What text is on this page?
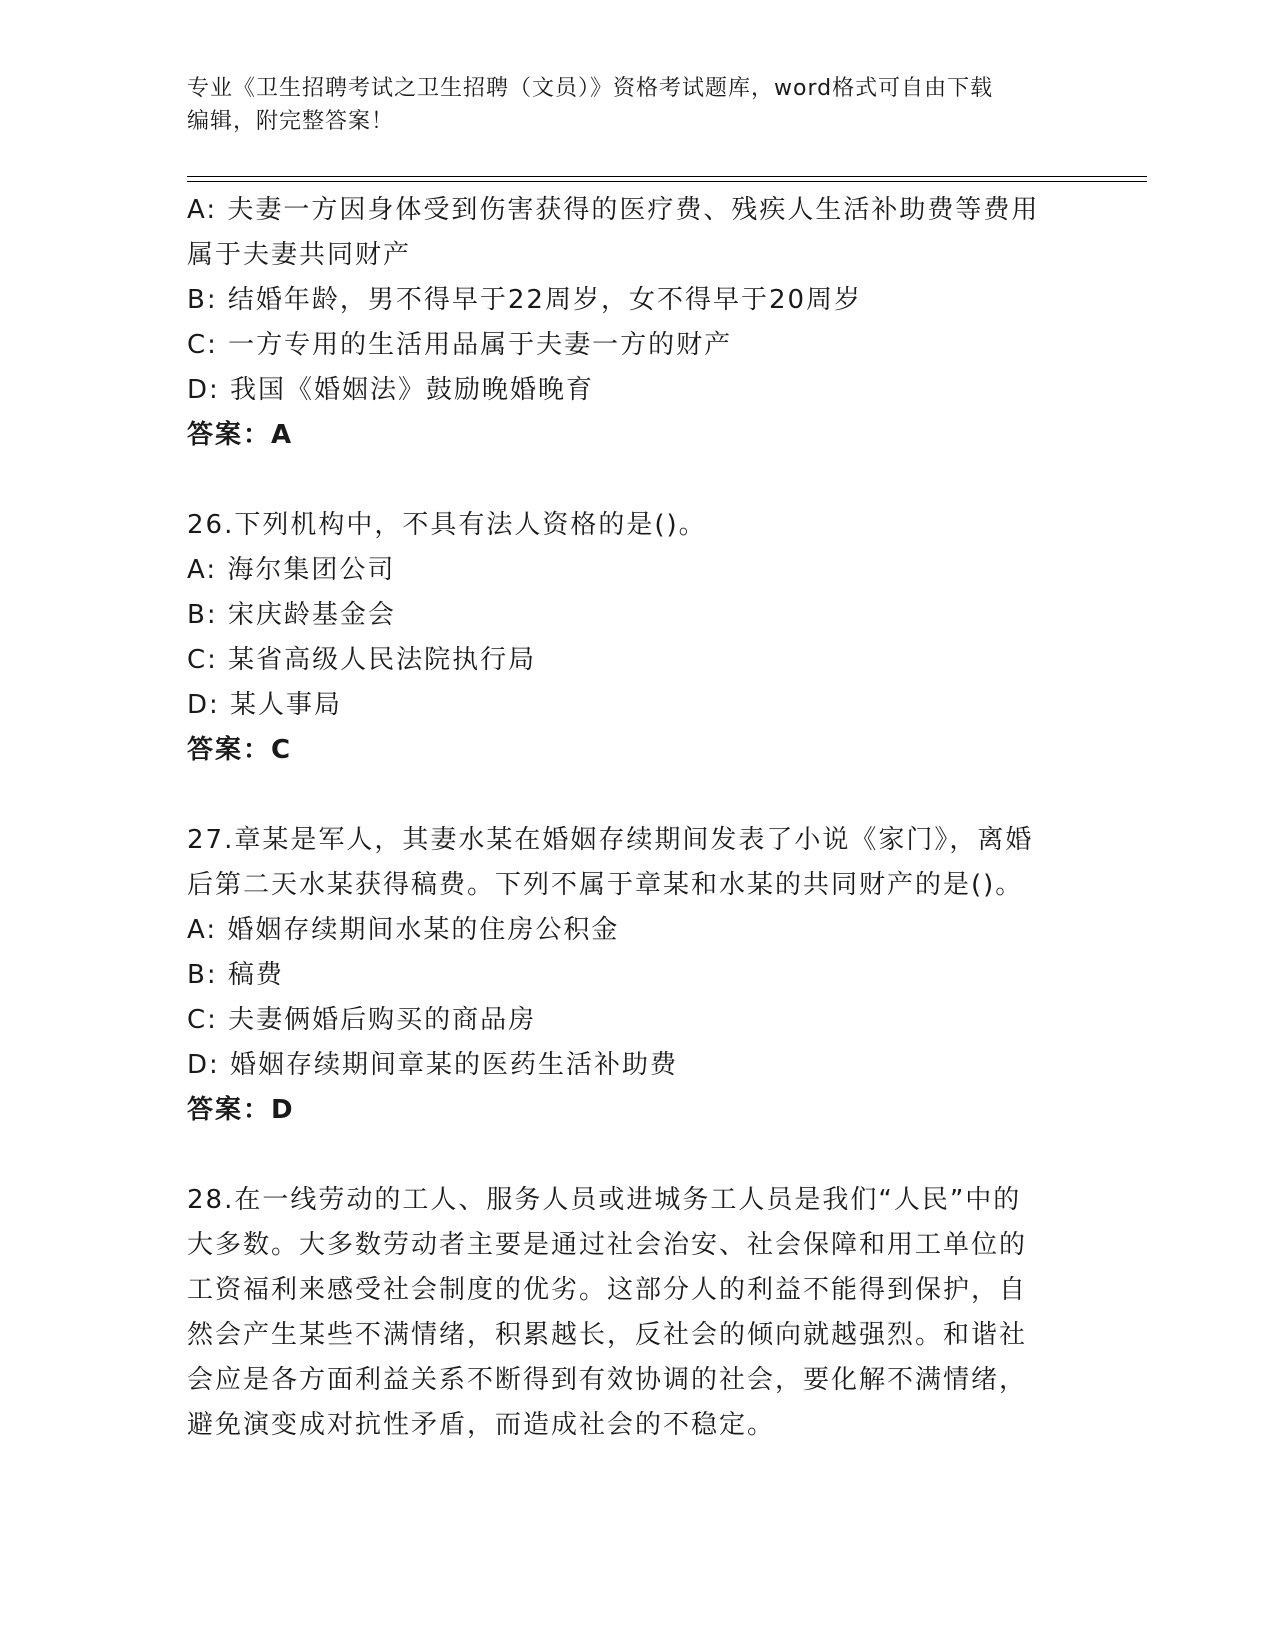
专业《卫生招聘考试之卫生招聘（文员）》资格考试题库，word格式可自由下载
编辑，附完整答案！
A: 夫妻一方因身体受到伤害获得的医疗费、残疾人生活补助费等费用
属于夫妻共同财产
B: 结婚年龄，男不得早于22周岁，女不得早于20周岁
C: 一方专用的生活用品属于夫妻一方的财产
D: 我国《婚姻法》鼓励晚婚晚育
答案：A
26.下列机构中，不具有法人资格的是()。
A: 海尔集团公司
B: 宋庆龄基金会
C: 某省高级人民法院执行局
D: 某人事局
答案：C
27.章某是军人，其妻水某在婚姻存续期间发表了小说《家门》，离婚
后第二天水某获得稿费。下列不属于章某和水某的共同财产的是()。
A: 婚姻存续期间水某的住房公积金
B: 稿费
C: 夫妻俩婚后购买的商品房
D: 婚姻存续期间章某的医药生活补助费
答案：D
28.在一线劳动的工人、服务人员或进城务工人员是我们“人民”中的
大多数。大多数劳动者主要是通过社会治安、社会保障和用工单位的
工资福利来感受社会制度的优劣。这部分人的利益不能得到保护，自
然会产生某些不满情绪，积累越长，反社会的倾向就越强烈。和谐社
会应是各方面利益关系不断得到有效协调的社会，要化解不满情绪，
避免演变成对抗性矛盾，而造成社会的不稳定。
